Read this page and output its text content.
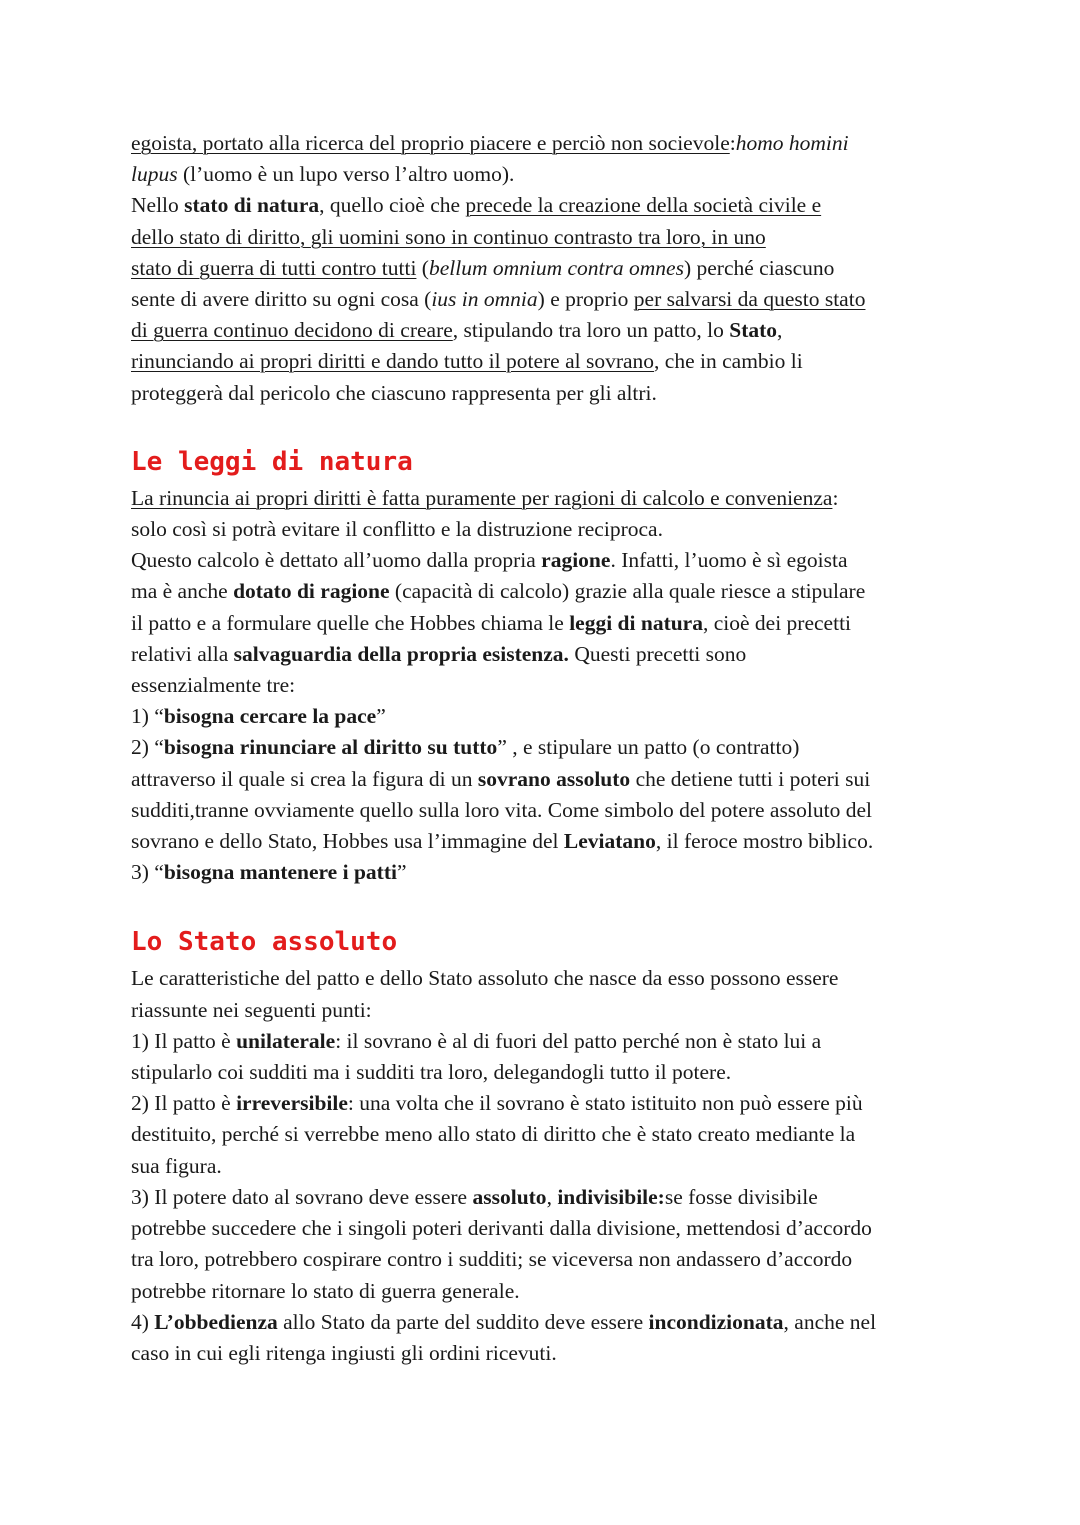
egoista, portato alla ricerca del proprio piacere e perciò non socievole:homo homini
lupus (l’uomo è un lupo verso l’altro uomo).
Nello stato di natura, quello cioè che precede la creazione della società civile e
dello stato di diritto, gli uomini sono in continuo contrasto tra loro, in uno
stato di guerra di tutti contro tutti (bellum omnium contra omnes) perché ciascuno
sente di avere diritto su ogni cosa (ius in omnia) e proprio per salvarsi da questo stato
di guerra continuo decidono di creare, stipulando tra loro un patto, lo Stato,
rinunciando ai propri diritti e dando tutto il potere al sovrano, che in cambio li
proteggerà dal pericolo che ciascuno rappresenta per gli altri.
Le leggi di natura
La rinuncia ai propri diritti è fatta puramente per ragioni di calcolo e convenienza:
solo così si potrà evitare il conflitto e la distruzione reciproca.
Questo calcolo è dettato all’uomo dalla propria ragione. Infatti, l’uomo è sì egoista
ma è anche dotato di ragione (capacità di calcolo) grazie alla quale riesce a stipulare
il patto e a formulare quelle che Hobbes chiama le leggi di natura, cioè dei precetti
relativi alla salvaguardia della propria esistenza. Questi precetti sono
essenzialmente tre:
1) “bisogna cercare la pace”
2) “bisogna rinunciare al diritto su tutto” , e stipulare un patto (o contratto)
attraverso il quale si crea la figura di un sovrano assoluto che detiene tutti i poteri sui
sudditi,tranne ovviamente quello sulla loro vita. Come simbolo del potere assoluto del
sovrano e dello Stato, Hobbes usa l’immagine del Leviatano, il feroce mostro biblico.
3) “bisogna mantenere i patti”
Lo Stato assoluto
Le caratteristiche del patto e dello Stato assoluto che nasce da esso possono essere
riassunte nei seguenti punti:
1) Il patto è unilaterale: il sovrano è al di fuori del patto perché non è stato lui a
stipularlo coi sudditi ma i sudditi tra loro, delegandogli tutto il potere.
2) Il patto è irreversibile: una volta che il sovrano è stato istituito non può essere più
destituito, perché si verrebbe meno allo stato di diritto che è stato creato mediante la
sua figura.
3) Il potere dato al sovrano deve essere assoluto, indivisibile:se fosse divisibile
potrebbe succedere che i singoli poteri derivanti dalla divisione, mettendosi d’accordo
tra loro, potrebbero cospirare contro i sudditi; se viceversa non andassero d’accordo
potrebbe ritornare lo stato di guerra generale.
4) L’obbedienza allo Stato da parte del suddito deve essere incondizionata, anche nel
caso in cui egli ritenga ingiusti gli ordini ricevuti.
